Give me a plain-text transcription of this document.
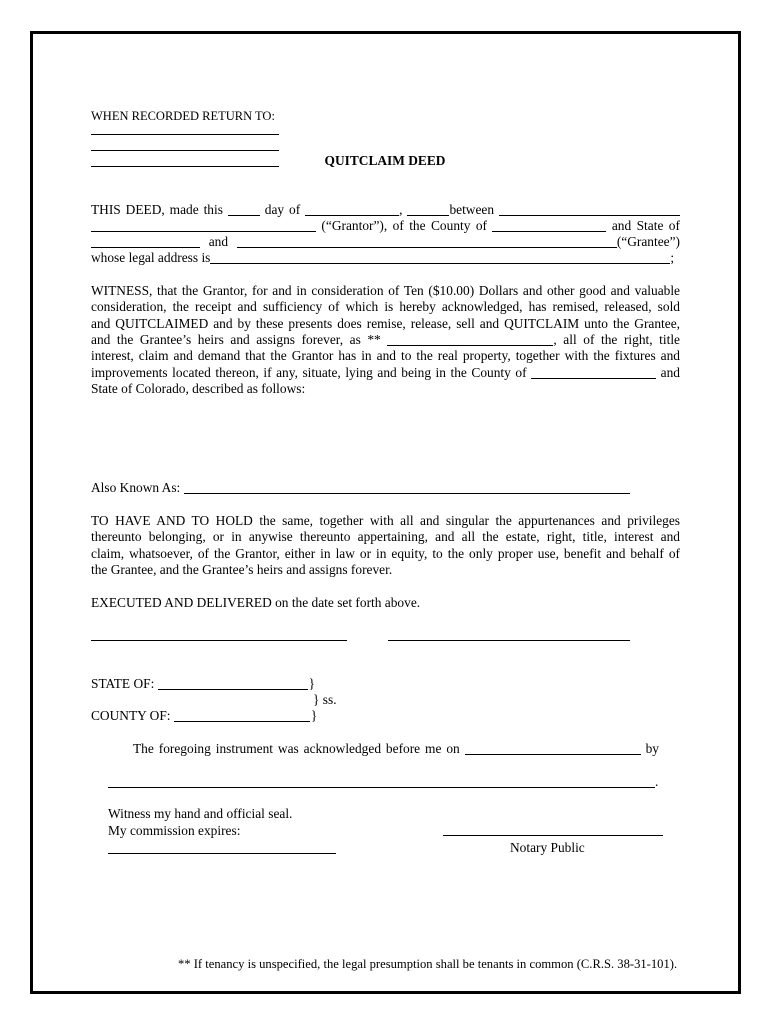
WHEN RECORDED RETURN TO:
QUITCLAIM DEED
THIS DEED, made this	day of	,	between
(“Grantor”), of the County of	and State of
and	(“Grantee”)
whose legal address is	;
WITNESS, that the Grantor, for and in consideration of Ten ($10.00) Dollars and other good and valuable
consideration, the receipt and sufficiency of which is hereby acknowledged, has remised, released, sold
and QUITCLAIMED and by these presents does remise, release, sell and QUITCLAIM unto the Grantee,
and the Grantee’s heirs and assigns forever, as **	, all of the right, title
interest, claim and demand that the Grantor has in and to the real property, together with the fixtures and
improvements located thereon, if any, situate, lying and being in the County of	and
State of Colorado, described as follows:
Also Known As:
TO HAVE AND TO HOLD the same, together with all and singular the appurtenances and privileges
thereunto belonging, or in anywise thereunto appertaining, and all the estate, right, title, interest and
claim, whatsoever, of the Grantor, either in law or in equity, to the only proper use, benefit and behalf of
the Grantee, and the Grantee’s heirs and assigns forever.
EXECUTED AND DELIVERED on the date set forth above.
STATE OF:	}
} ss.
COUNTY OF:	}
The foregoing instrument was acknowledged before me on	by
.
Witness my hand and official seal.
My commission expires:
Notary Public
** If tenancy is unspecified, the legal presumption shall be tenants in common (C.R.S. 38-31-101).
